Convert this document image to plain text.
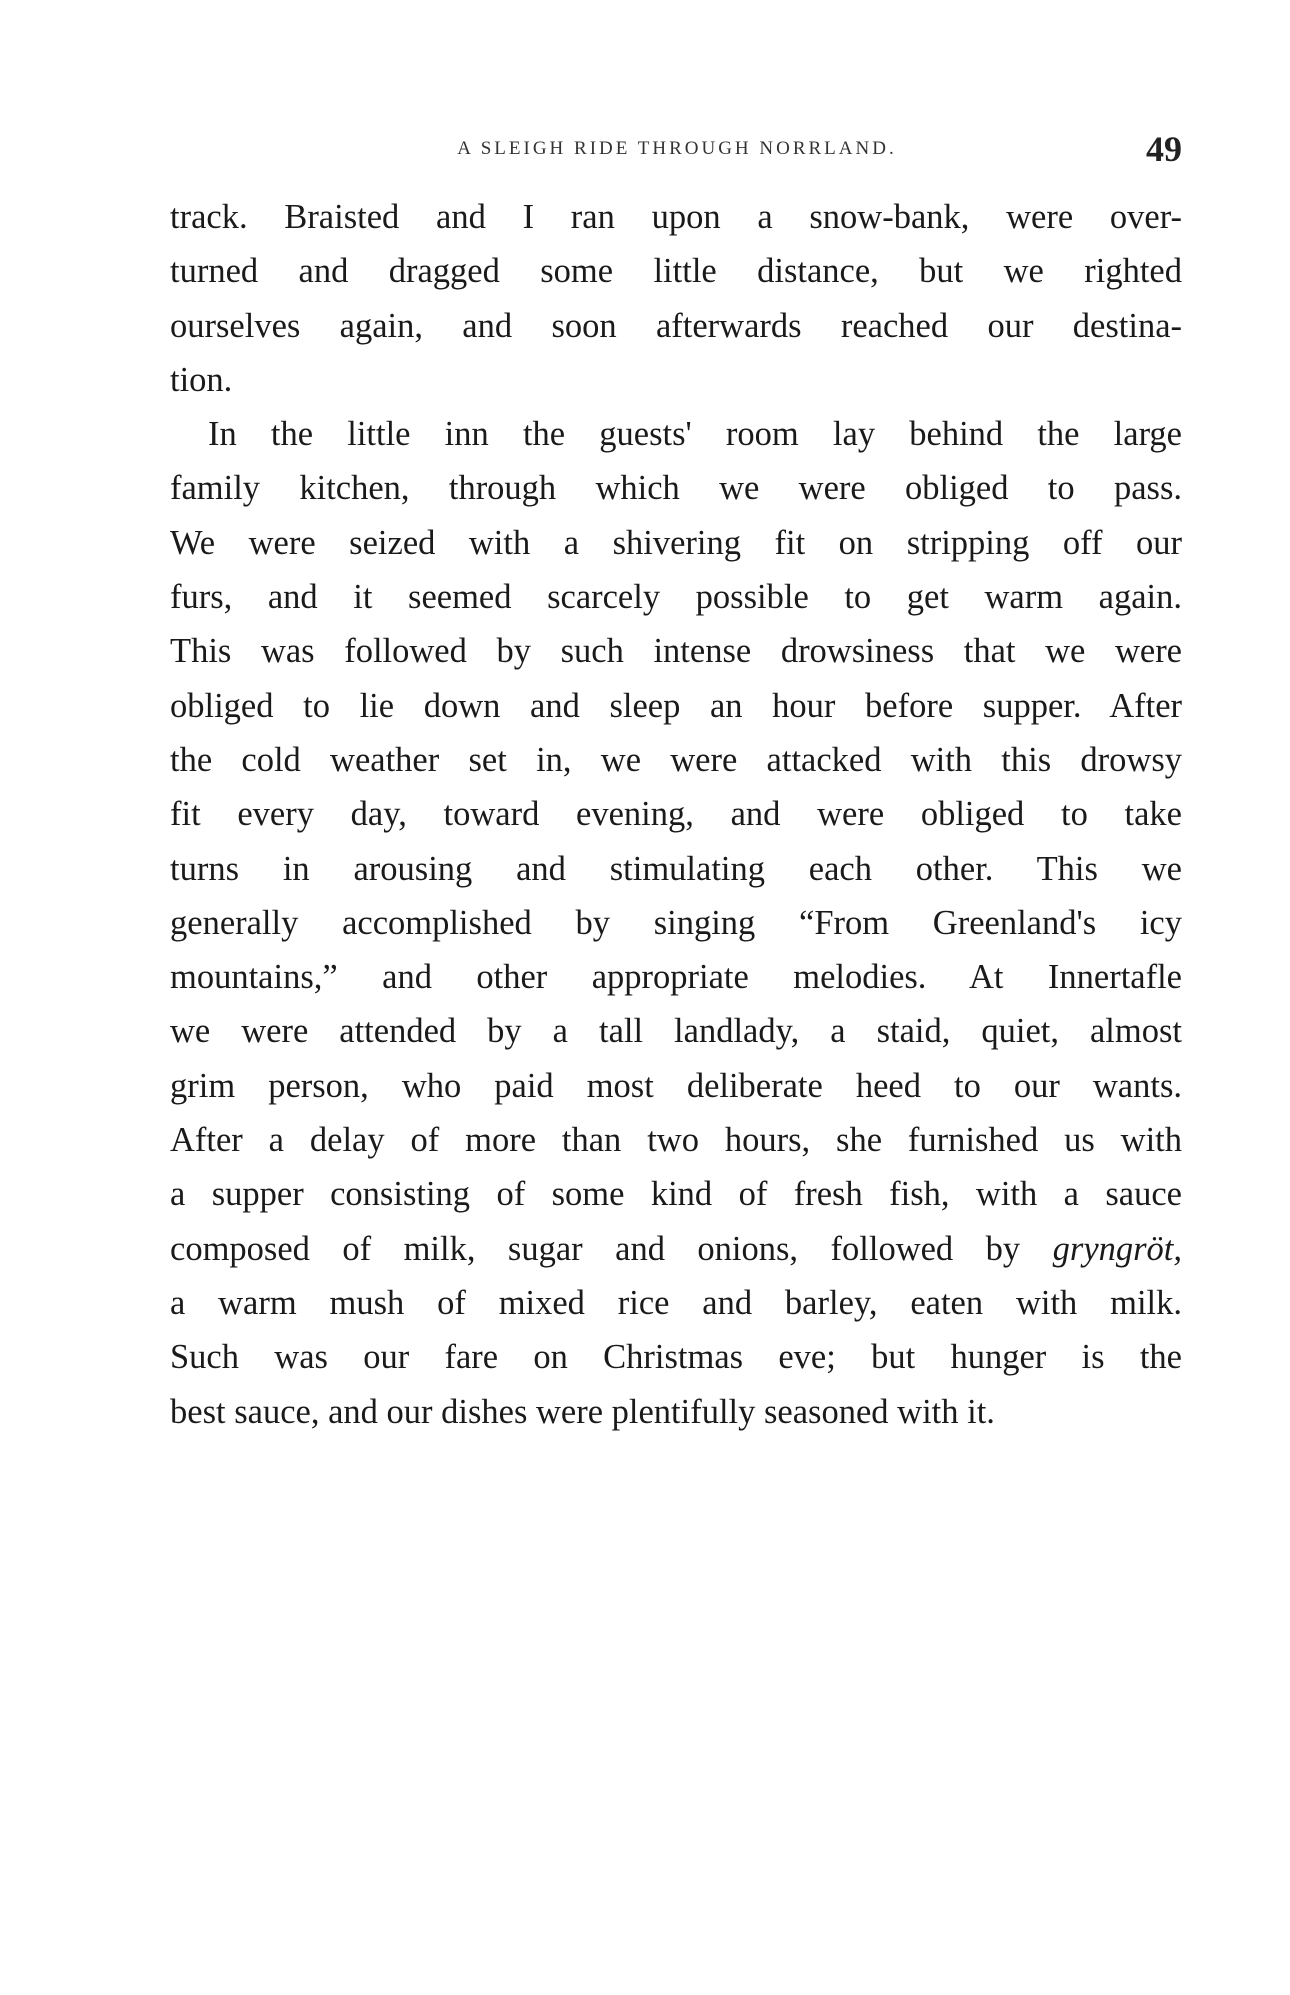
A SLEIGH RIDE THROUGH NORRLAND.	49
track. Braisted and I ran upon a snow-bank, were over-
turned and dragged some little distance, but we righted
ourselves again, and soon afterwards reached our destina-
tion.
In the little inn the guests' room lay behind the large
family kitchen, through which we were obliged to pass.
We were seized with a shivering fit on stripping off our
furs, and it seemed scarcely possible to get warm again.
This was followed by such intense drowsiness that we were
obliged to lie down and sleep an hour before supper. After
the cold weather set in, we were attacked with this drowsy
fit every day, toward evening, and were obliged to take
turns in arousing and stimulating each other. This we
generally accomplished by singing “From Greenland's icy
mountains,” and other appropriate melodies. At Innertafle
we were attended by a tall landlady, a staid, quiet, almost
grim person, who paid most deliberate heed to our wants.
After a delay of more than two hours, she furnished us with
a supper consisting of some kind of fresh fish, with a sauce
composed of milk, sugar and onions, followed by gryngröt,
a warm mush of mixed rice and barley, eaten with milk.
Such was our fare on Christmas eve; but hunger is the
best sauce, and our dishes were plentifully seasoned with it.
